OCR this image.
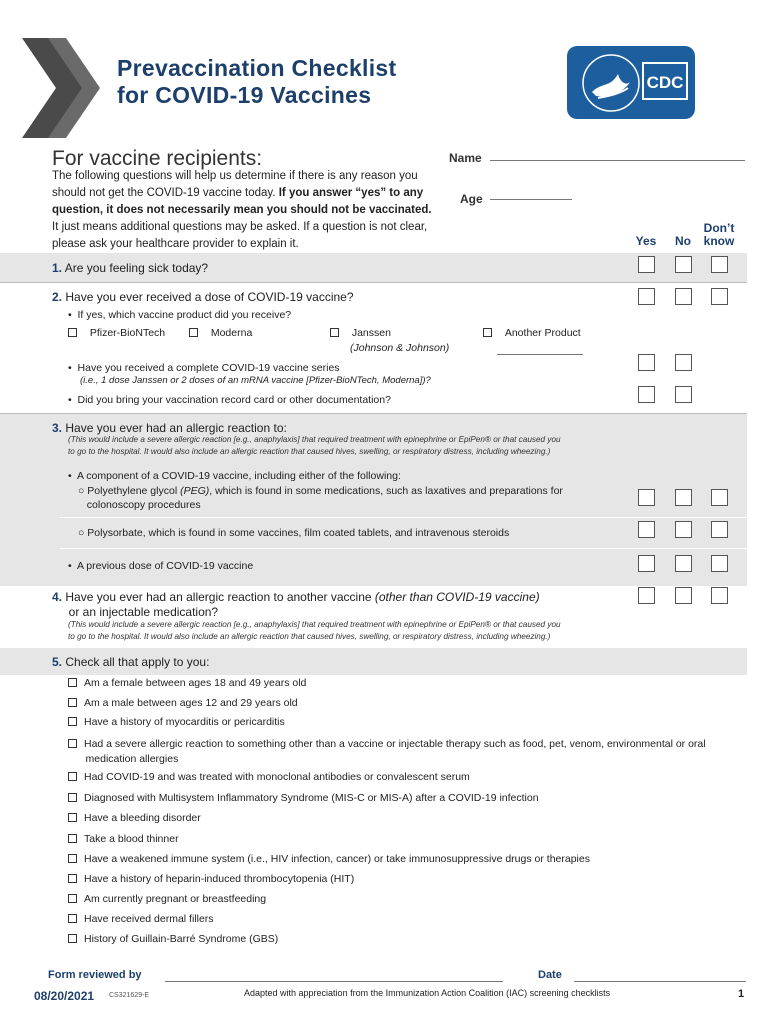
Prevaccination Checklist
for COVID-19 Vaccines	CDC
For vaccine recipients:
The following questions will help us determine if there is any reason you should not get the COVID-19 vaccine today. If you answer “yes” to any question, it does not necessarily mean you should not be vaccinated. It just means additional questions may be asked. If a question is not clear, please ask your healthcare provider to explain it.
Name
Age
Yes	No
Don’t
know
1. Are you feeling sick today?
2. Have you ever received a dose of COVID-19 vaccine?
•  If yes, which vaccine product did you receive?
Pfizer-BioNTech	Moderna	Janssen
(Johnson & Johnson)
Another Product
•  Have you received a complete COVID-19 vaccine series
(i.e., 1 dose Janssen or 2 doses of an mRNA vaccine [Pfizer-BioNTech, Moderna])?
•  Did you bring your vaccination record card or other documentation?
3. Have you ever had an allergic reaction to:
(This would include a severe allergic reaction [e.g., anaphylaxis] that required treatment with epinephrine or EpiPen® or that caused you
to go to the hospital. It would also include an allergic reaction that caused hives, swelling, or respiratory distress, including wheezing.)
•  A component of a COVID-19 vaccine, including either of the following:
○ Polyethylene glycol (PEG), which is found in some medications, such as laxatives and preparations for
colonoscopy procedures
○ Polysorbate, which is found in some vaccines, film coated tablets, and intravenous steroids
•  A previous dose of COVID-19 vaccine
4. Have you ever had an allergic reaction to another vaccine (other than COVID-19 vaccine)
or an injectable medication?
(This would include a severe allergic reaction [e.g., anaphylaxis] that required treatment with epinephrine or EpiPen® or that caused you
to go to the hospital. It would also include an allergic reaction that caused hives, swelling, or respiratory distress, including wheezing.)
5. Check all that apply to you:
Am a female between ages 18 and 49 years old
Am a male between ages 12 and 29 years old
Have a history of myocarditis or pericarditis
Had a severe allergic reaction to something other than a vaccine or injectable therapy such as food, pet, venom, environmental or oral
medication allergies
Had COVID-19 and was treated with monoclonal antibodies or convalescent serum
Diagnosed with Multisystem Inflammatory Syndrome (MIS-C or MIS-A) after a COVID-19 infection
Have a bleeding disorder
Take a blood thinner
Have a weakened immune system (i.e., HIV infection, cancer) or take immunosuppressive drugs or therapies
Have a history of heparin-induced thrombocytopenia (HIT)
Am currently pregnant or breastfeeding
Have received dermal fillers
History of Guillain-Barré Syndrome (GBS)
Form reviewed by	Date
08/20/2021 CS321629-E	Adapted with appreciation from the Immunization Action Coalition (IAC) screening checklists	1
